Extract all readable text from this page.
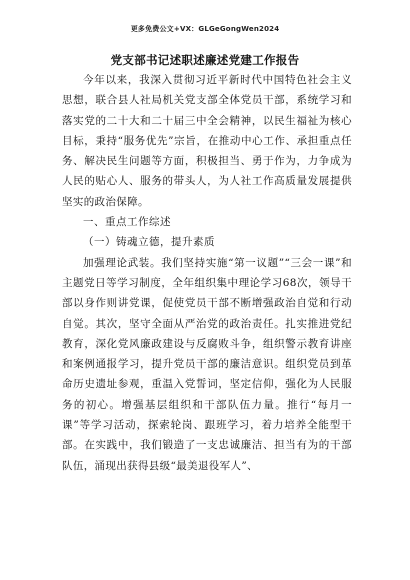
更多免费公文+VX：GLGeGongWen2024
党支部书记述职述廉述党建工作报告

今年以来，我深入贯彻习近平新时代中国特色社会主义思想，联合县人社局机关党支部全体党员干部，系统学习和落实党的二十大和二十届三中全会精神，以民生福祉为核心目标，秉持“服务优先”宗旨，在推动中心工作、承担重点任务、解决民生问题等方面，积极担当、勇于作为，力争成为人民的贴心人、服务的带头人，为人社工作高质量发展提供坚实的政治保障。

一、重点工作综述
（一）铸魂立德，提升素质

加强理论武装。我们坚持实施“第一议题”“三会一课”和主题党日等学习制度，全年组织集中理论学习68次，领导干部以身作则讲党课，促使党员干部不断增强政治自觉和行动自觉。其次，坚守全面从严治党的政治责任。扎实推进党纪教育，深化党风廉政建设与反腐败斗争，组织警示教育讲座和案例通报学习，提升党员干部的廉洁意识。组织党员到革命历史遗址参观，重温入党誓词，坚定信仰，强化为人民服务的初心。增强基层组织和干部队伍力量。推行“每月一课”等学习活动，探索轮岗、跟班学习，着力培养全能型干部。在实践中，我们锻造了一支忠诚廉洁、担当有为的干部队伍，涌现出获得县级“最美退役军人”、
